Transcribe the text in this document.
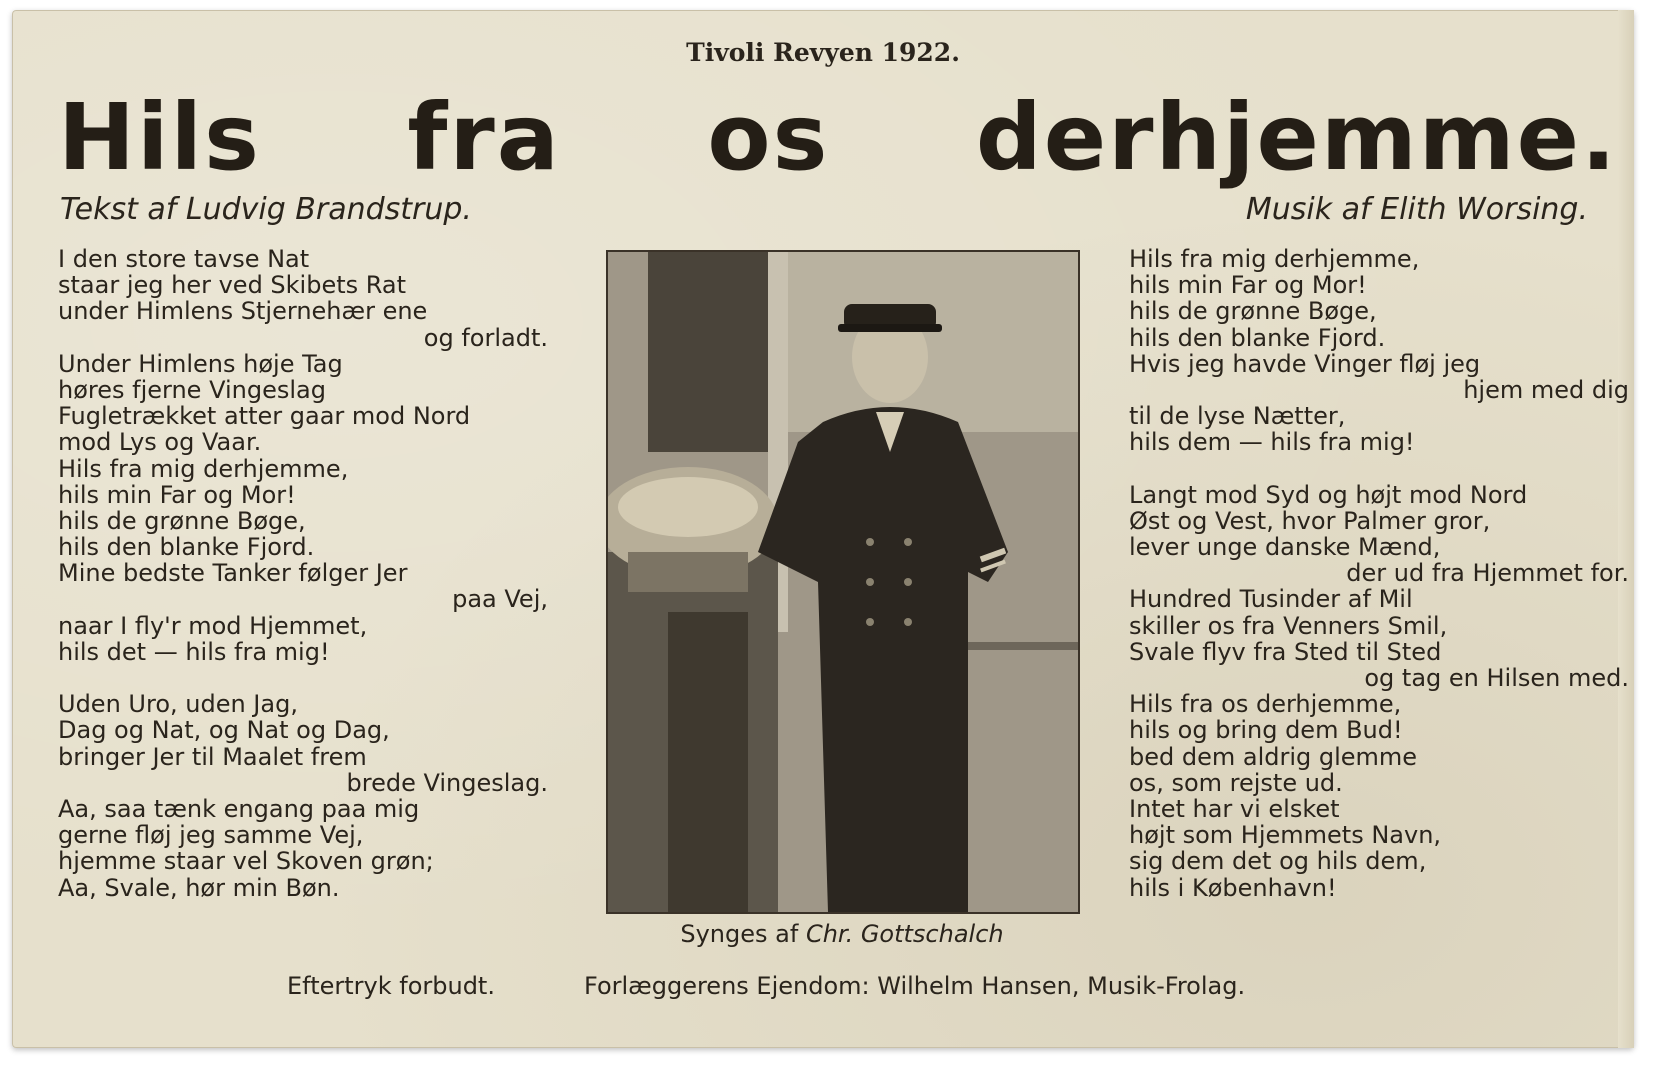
Tivoli Revyen 1922.
Hils fra os derhjemme.
Tekst af Ludvig Brandstrup.	Musik af Elith Worsing.
I den store tavse Nat
staar jeg her ved Skibets Rat
under Himlens Stjernehær ene
og forladt.
Under Himlens høje Tag
høres fjerne Vingeslag
Fugletrækket atter gaar mod Nord
mod Lys og Vaar.
Hils fra mig derhjemme,
hils min Far og Mor!
hils de grønne Bøge,
hils den blanke Fjord.
Mine bedste Tanker følger Jer
paa Vej,
naar I fly'r mod Hjemmet,
hils det — hils fra mig!
Uden Uro, uden Jag,
Dag og Nat, og Nat og Dag,
bringer Jer til Maalet frem
brede Vingeslag.
Aa, saa tænk engang paa mig
gerne fløj jeg samme Vej,
hjemme staar vel Skoven grøn;
Aa, Svale, hør min Bøn.
Synges af Chr. Gottschalch
Hils fra mig derhjemme,
hils min Far og Mor!
hils de grønne Bøge,
hils den blanke Fjord.
Hvis jeg havde Vinger fløj jeg
hjem med dig
til de lyse Nætter,
hils dem — hils fra mig!
Langt mod Syd og højt mod Nord
Øst og Vest, hvor Palmer gror,
lever unge danske Mænd,
der ud fra Hjemmet for.
Hundred Tusinder af Mil
skiller os fra Venners Smil,
Svale flyv fra Sted til Sted
og tag en Hilsen med.
Hils fra os derhjemme,
hils og bring dem Bud!
bed dem aldrig glemme
os, som rejste ud.
Intet har vi elsket
højt som Hjemmets Navn,
sig dem det og hils dem,
hils i København!
Eftertryk forbudt.	Forlæggerens Ejendom: Wilhelm Hansen, Musik-Frolag.
